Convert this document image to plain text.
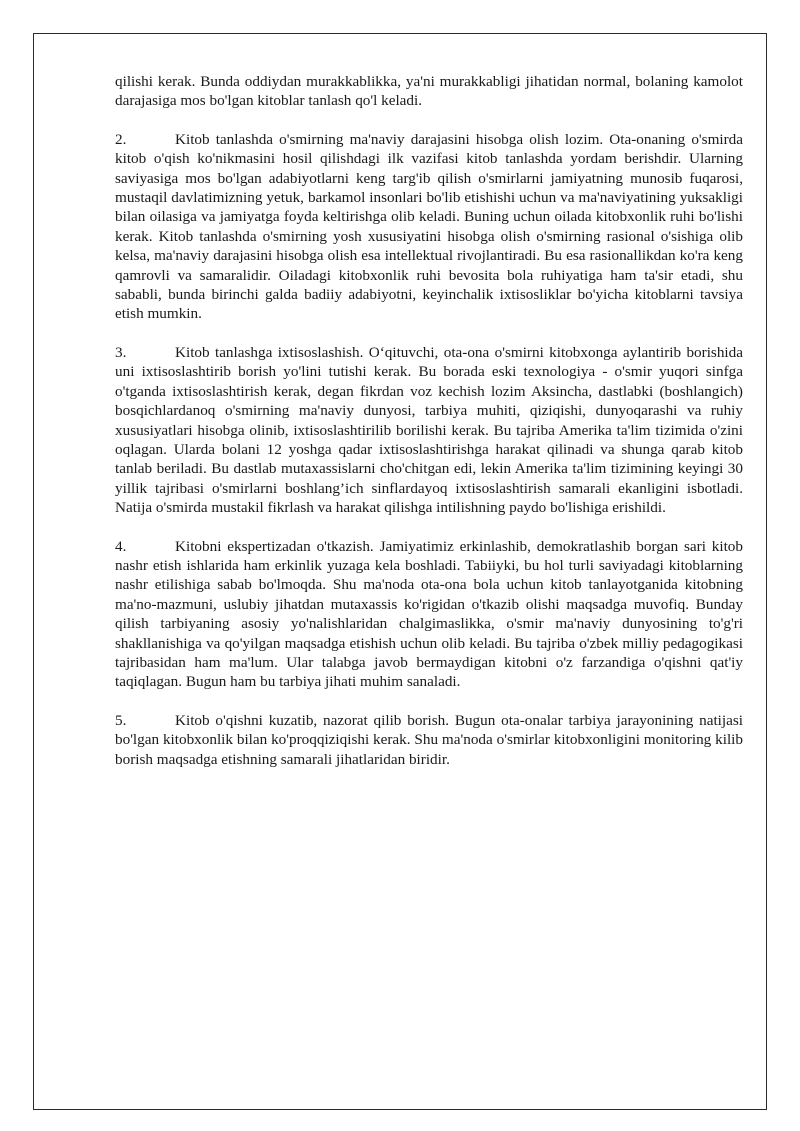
qilishi kerak. Bunda oddiydan murakkablikka, ya'ni murakkabligi jihatidan normal, bolaning kamolot darajasiga mos bo'lgan kitoblar tanlash qo'l keladi.

2.	Kitob tanlashda o'smirning ma'naviy darajasini hisobga olish lozim. Ota-onaning o'smirda kitob o'qish ko'nikmasini hosil qilishdagi ilk vazifasi kitob tanlashda yordam berishdir. Ularning saviyasiga mos bo'lgan adabiyotlarni keng targ'ib qilish o'smirlarni jamiyatning munosib fuqarosi, mustaqil davlatimizning yetuk, barkamol insonlari bo'lib etishishi uchun va ma'naviyatining yuksakligi bilan oilasiga va jamiyatga foyda keltirishga olib keladi. Buning uchun oilada kitobxonlik ruhi bo'lishi kerak. Kitob tanlashda o'smirning yosh xususiyatini hisobga olish o'smirning rasional o'sishiga olib kelsa, ma'naviy darajasini hisobga olish esa intellektual rivojlantiradi. Bu esa rasionallikdan ko'ra keng qamrovli va samaralidir. Oiladagi kitobxonlik ruhi bevosita bola ruhiyatiga ham ta'sir etadi, shu sababli, bunda birinchi galda badiiy adabiyotni, keyinchalik ixtisosliklar bo'yicha kitoblarni tavsiya etish mumkin.

3.	Kitob tanlashga ixtisoslashish. O‘qituvchi, ota-ona o'smirni kitobxonga aylantirib borishida uni ixtisoslashtirib borish yo'lini tutishi kerak. Bu borada eski texnologiya - o'smir yuqori sinfga o'tganda ixtisoslashtirish kerak, degan fikrdan voz kechish lozim Aksincha, dastlabki (boshlangich) bosqichlardanoq o'smirning ma'naviy dunyosi, tarbiya muhiti, qiziqishi, dunyoqarashi va ruhiy xususiyatlari hisobga olinib, ixtisoslashtirilib borilishi kerak. Bu tajriba Amerika ta'lim tizimida o'zini oqlagan. Ularda bolani 12 yoshga qadar ixtisoslashtirishga harakat qilinadi va shunga qarab kitob tanlab beriladi. Bu dastlab mutaxassislarni cho'chitgan edi, lekin Amerika ta'lim tizimining keyingi 30 yillik tajribasi o'smirlarni boshlang’ich sinflardayoq ixtisoslashtirish samarali ekanligini isbotladi. Natija o'smirda mustakil fikrlash va harakat qilishga intilishning paydo bo'lishiga erishildi.

4.	Kitobni ekspertizadan o'tkazish. Jamiyatimiz erkinlashib, demokratlashib borgan sari kitob nashr etish ishlarida ham erkinlik yuzaga kela boshladi. Tabiiyki, bu hol turli saviyadagi kitoblarning nashr etilishiga sabab bo'lmoqda. Shu ma'noda ota-ona bola uchun kitob tanlayotganida kitobning ma'no-mazmuni, uslubiy jihatdan mutaxassis ko'rigidan o'tkazib olishi maqsadga muvofiq. Bunday qilish tarbiyaning asosiy yo'nalishlaridan chalgimaslikka, o'smir ma'naviy dunyosining to'g'ri shakllanishiga va qo'yilgan maqsadga etishish uchun olib keladi. Bu tajriba o'zbek milliy pedagogikasi tajribasidan ham ma'lum. Ular talabga javob bermaydigan kitobni o'z farzandiga o'qishni qat'iy taqiqlagan. Bugun ham bu tarbiya jihati muhim sanaladi.

5.	Kitob o'qishni kuzatib, nazorat qilib borish. Bugun ota-onalar tarbiya jarayonining natijasi bo'lgan kitobxonlik bilan ko'proqqiziqishi kerak. Shu ma'noda o'smirlar kitobxonligini monitoring kilib borish maqsadga etishning samarali jihatlaridan biridir.
